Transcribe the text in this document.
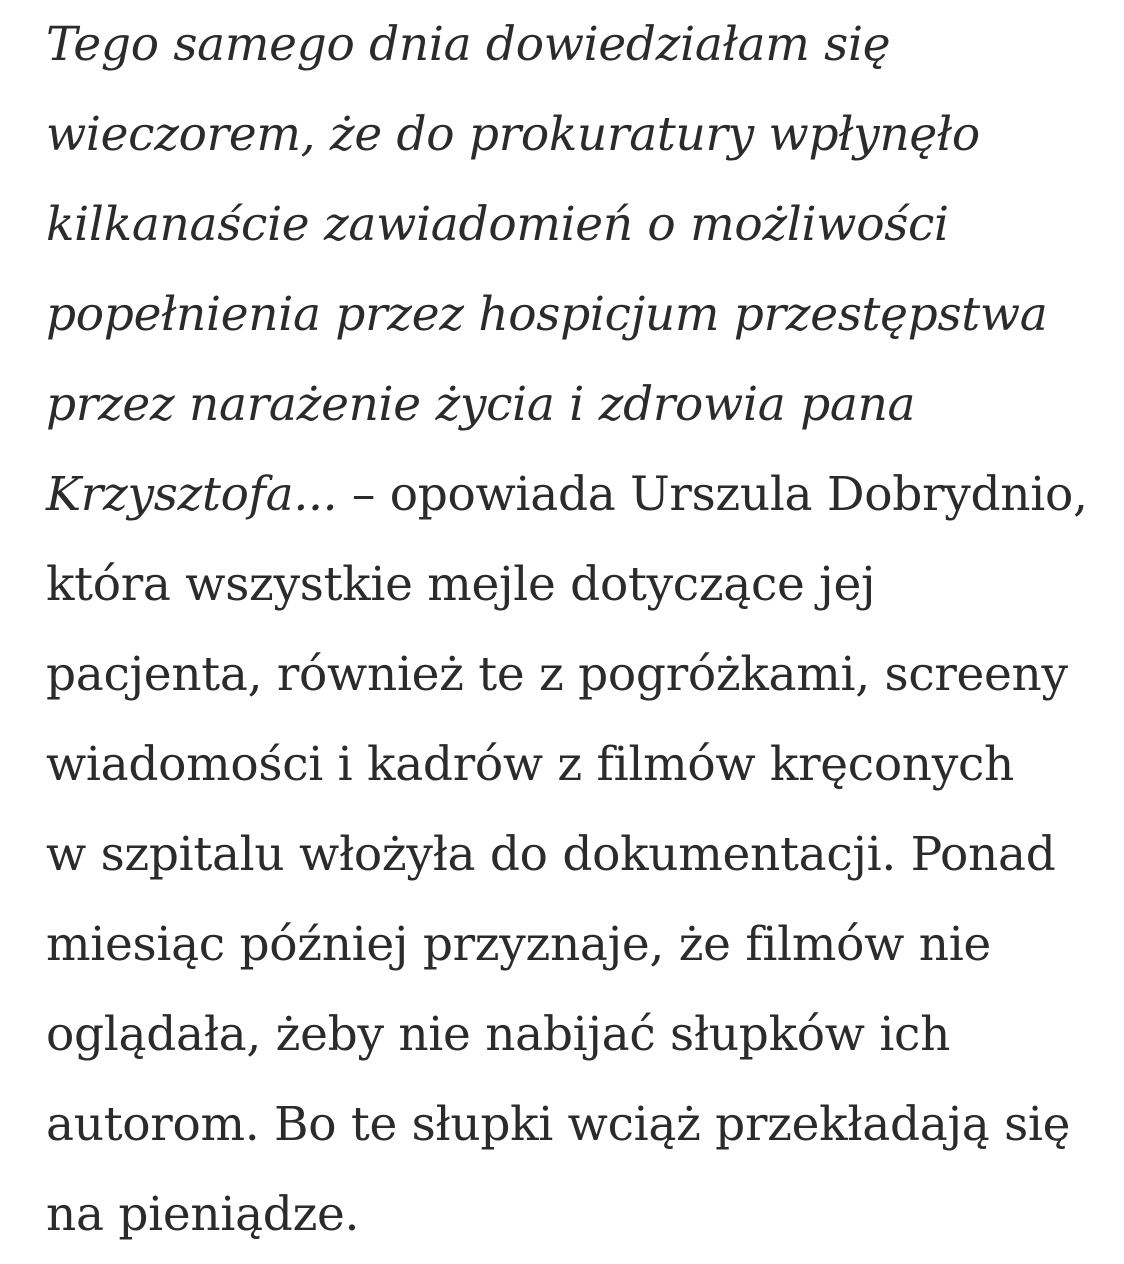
Tego samego dnia dowiedziałam się
wieczorem, że do prokuratury wpłynęło
kilkanaście zawiadomień o możliwości
popełnienia przez hospicjum przestępstwa
przez narażenie życia i zdrowia pana
Krzysztofa... – opowiada Urszula Dobrydnio,
która wszystkie mejle dotyczące jej
pacjenta, również te z pogróżkami, screeny
wiadomości i kadrów z filmów kręconych
w szpitalu włożyła do dokumentacji. Ponad
miesiąc później przyznaje, że filmów nie
oglądała, żeby nie nabijać słupków ich
autorom. Bo te słupki wciąż przekładają się
na pieniądze.
